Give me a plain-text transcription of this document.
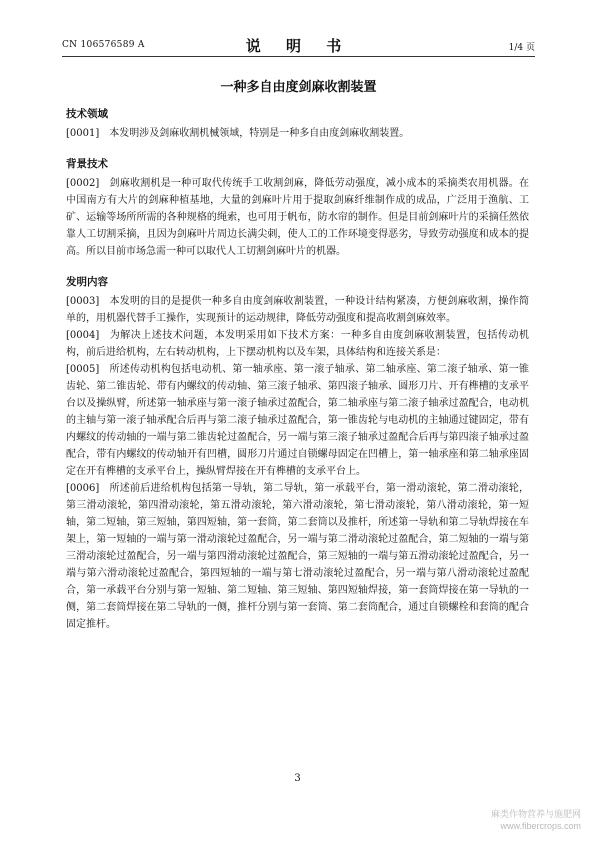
CN 106576589 A	说 明 书	1/4 页
一种多自由度剑麻收割装置
技术领域

[0001] 本发明涉及剑麻收割机械领域，特别是一种多自由度剑麻收割装置。

背景技术

[0002] 剑麻收割机是一种可取代传统手工收割剑麻，降低劳动强度，减小成本的采摘类农用机器。在中国南方有大片的剑麻种植基地，大量的剑麻叶片用于提取剑麻纤维制作成的成品，广泛用于渔航、工矿、运输等场所所需的各种规格的绳索，也可用于帆布，防水帘的制作。但是目前剑麻叶片的采摘任然依靠人工切割采摘，且因为剑麻叶片周边长满尖刺，使人工的工作环境变得恶劣，导致劳动强度和成本的提高。所以目前市场急需一种可以取代人工切割剑麻叶片的机器。

发明内容

[0003] 本发明的目的是提供一种多自由度剑麻收割装置，一种设计结构紧凑，方便剑麻收割，操作简单的，用机器代替手工操作，实现预计的运动规律，降低劳动强度和提高收割剑麻效率。

[0004] 为解决上述技术问题，本发明采用如下技术方案：一种多自由度剑麻收割装置，包括传动机构，前后进给机构，左右转动机构，上下摆动机构以及车架，具体结构和连接关系是：

[0005] 所述传动机构包括电动机、第一轴承座、第一滚子轴承、第二轴承座、第二滚子轴承、第一锥齿轮、第二锥齿轮、带有内螺纹的传动轴、第三滚子轴承、第四滚子轴承、圆形刀片、开有榫槽的支承平台以及操纵臂，所述第一轴承座与第一滚子轴承过盈配合，第二轴承座与第二滚子轴承过盈配合，电动机的主轴与第一滚子轴承配合后再与第二滚子轴承过盈配合，第一锥齿轮与电动机的主轴通过键固定，带有内螺纹的传动轴的一端与第二锥齿轮过盈配合，另一端与第三滚子轴承过盈配合后再与第四滚子轴承过盈配合，带有内螺纹的传动轴开有凹槽，圆形刀片通过自锁螺母固定在凹槽上，第一轴承座和第二轴承座固定在开有榫槽的支承平台上，操纵臂焊接在开有榫槽的支承平台上。

[0006] 所述前后进给机构包括第一导轨，第二导轨，第一承载平台，第一滑动滚轮，第二滑动滚轮，第三滑动滚轮，第四滑动滚轮，第五滑动滚轮，第六滑动滚轮，第七滑动滚轮，第八滑动滚轮，第一短轴，第二短轴，第三短轴，第四短轴，第一套筒，第二套筒以及推杆，所述第一导轨和第二导轨焊接在车架上，第一短轴的一端与第一滑动滚轮过盈配合，另一端与第二滑动滚轮过盈配合，第二短轴的一端与第三滑动滚轮过盈配合，另一端与第四滑动滚轮过盈配合，第三短轴的一端与第五滑动滚轮过盈配合，另一端与第六滑动滚轮过盈配合，第四短轴的一端与第七滑动滚轮过盈配合，另一端与第八滑动滚轮过盈配合，第一承载平台分别与第一短轴、第二短轴、第三短轴、第四短轴焊接，第一套筒焊接在第一导轨的一侧，第二套筒焊接在第二导轨的一侧，推杆分别与第一套筒、第二套筒配合，通过自锁螺栓和套筒的配合固定推杆。

3
麻类作物营养与施肥网
www.fibercrops.com
